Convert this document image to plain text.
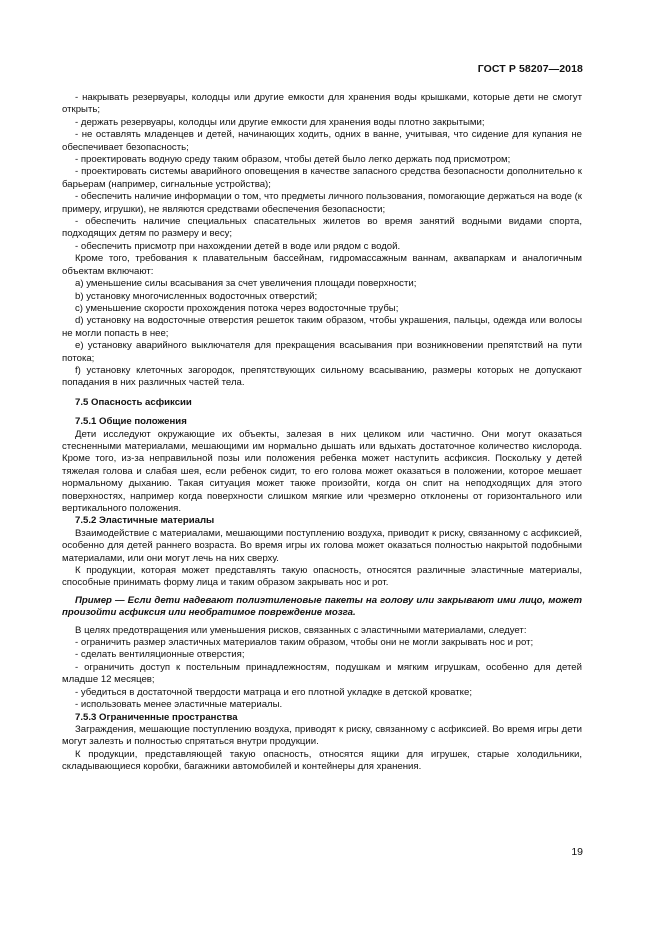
ГОСТ Р 58207—2018

- накрывать резервуары, колодцы или другие емкости для хранения воды крышками, которые дети не смогут открыть;

- держать резервуары, колодцы или другие емкости для хранения воды плотно закрытыми;

- не оставлять младенцев и детей, начинающих ходить, одних в ванне, учитывая, что сидение для купания не обеспечивает безопасность;

- проектировать водную среду таким образом, чтобы детей было легко держать под присмотром;

- проектировать системы аварийного оповещения в качестве запасного средства безопасности дополнительно к барьерам (например, сигнальные устройства);

- обеспечить наличие информации о том, что предметы личного пользования, помогающие держаться на воде (к примеру, игрушки), не являются средствами обеспечения безопасности;

- обеспечить наличие специальных спасательных жилетов во время занятий водными видами спорта, подходящих детям по размеру и весу;

- обеспечить присмотр при нахождении детей в воде или рядом с водой.

Кроме того, требования к плавательным бассейнам, гидромассажным ваннам, аквапаркам и аналогичным объектам включают:

a) уменьшение силы всасывания за счет увеличения площади поверхности;

b) установку многочисленных водосточных отверстий;

c) уменьшение скорости прохождения потока через водосточные трубы;

d) установку на водосточные отверстия решеток таким образом, чтобы украшения, пальцы, одежда или волосы не могли попасть в нее;

e) установку аварийного выключателя для прекращения всасывания при возникновении препятствий на пути потока;

f) установку клеточных загородок, препятствующих сильному всасыванию, размеры которых не допускают попадания в них различных частей тела.

7.5 Опасность асфиксии

7.5.1 Общие положения

Дети исследуют окружающие их объекты, залезая в них целиком или частично. Они могут оказаться стесненными материалами, мешающими им нормально дышать или вдыхать достаточное количество кислорода. Кроме того, из-за неправильной позы или положения ребенка может наступить асфиксия. Поскольку у детей тяжелая голова и слабая шея, если ребенок сидит, то его голова может оказаться в положении, которое мешает нормальному дыханию. Такая ситуация может также произойти, когда он спит на неподходящих для этого поверхностях, например когда поверхности слишком мягкие или чрезмерно отклонены от горизонтального или вертикального положения.

7.5.2 Эластичные материалы

Взаимодействие с материалами, мешающими поступлению воздуха, приводит к риску, связанному с асфиксией, особенно для детей раннего возраста. Во время игры их голова может оказаться полностью накрытой подобными материалами, или они могут лечь на них сверху.

К продукции, которая может представлять такую опасность, относятся различные эластичные материалы, способные принимать форму лица и таким образом закрывать нос и рот.

Пример — Если дети надевают полиэтиленовые пакеты на голову или закрывают ими лицо, может произойти асфиксия или необратимое повреждение мозга.

В целях предотвращения или уменьшения рисков, связанных с эластичными материалами, следует:

- ограничить размер эластичных материалов таким образом, чтобы они не могли закрывать нос и рот;

- сделать вентиляционные отверстия;

- ограничить доступ к постельным принадлежностям, подушкам и мягким игрушкам, особенно для детей младше 12 месяцев;

- убедиться в достаточной твердости матраца и его плотной укладке в детской кроватке;

- использовать менее эластичные материалы.

7.5.3 Ограниченные пространства

Заграждения, мешающие поступлению воздуха, приводят к риску, связанному с асфиксией. Во время игры дети могут залезть и полностью спрятаться внутри продукции.

К продукции, представляющей такую опасность, относятся ящики для игрушек, старые холодильники, складывающиеся коробки, багажники автомобилей и контейнеры для хранения.

19
